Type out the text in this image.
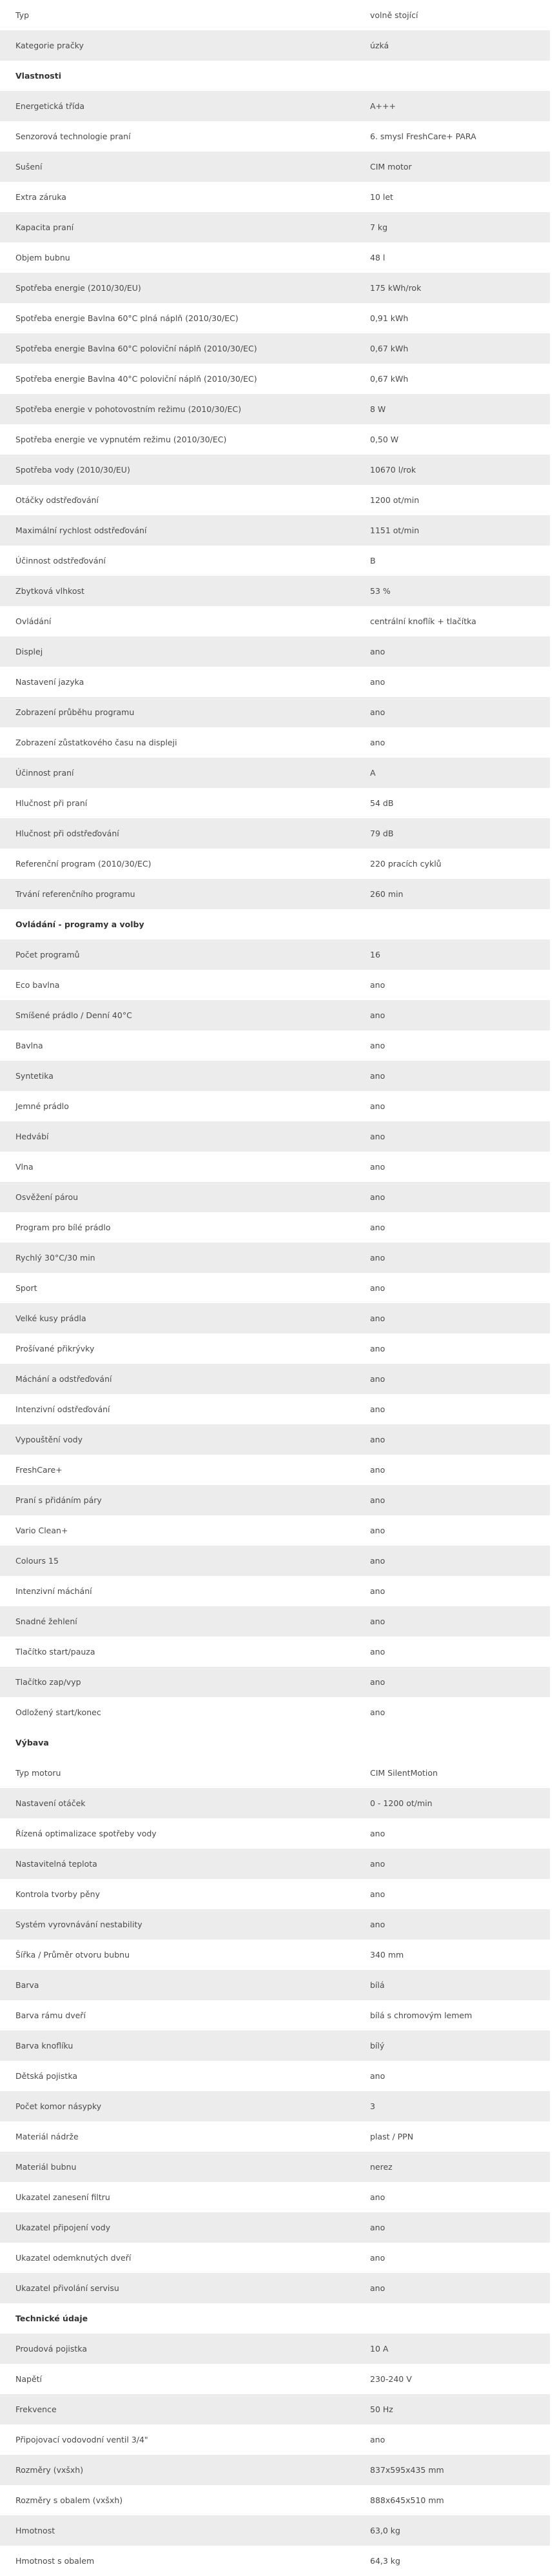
Typ	volně stojící
Kategorie pračky	úzká
Vlastnosti
Energetická třída	A+++
Senzorová technologie praní	6. smysl FreshCare+ PARA
Sušení	CIM motor
Extra záruka	10 let
Kapacita praní	7 kg
Objem bubnu	48 l
Spotřeba energie (2010/30/EU)	175 kWh/rok
Spotřeba energie Bavlna 60°C plná náplň (2010/30/EC)	0,91 kWh
Spotřeba energie Bavlna 60°C poloviční náplň (2010/30/EC)	0,67 kWh
Spotřeba energie Bavlna 40°C poloviční náplň (2010/30/EC)	0,67 kWh
Spotřeba energie v pohotovostním režimu (2010/30/EC)	8 W
Spotřeba energie ve vypnutém režimu (2010/30/EC)	0,50 W
Spotřeba vody (2010/30/EU)	10670 l/rok
Otáčky odstřeďování	1200 ot/min
Maximální rychlost odstřeďování	1151 ot/min
Účinnost odstřeďování	B
Zbytková vlhkost	53 %
Ovládání	centrální knoflík + tlačítka
Displej	ano
Nastavení jazyka	ano
Zobrazení průběhu programu	ano
Zobrazení zůstatkového času na displeji	ano
Účinnost praní	A
Hlučnost při praní	54 dB
Hlučnost při odstřeďování	79 dB
Referenční program (2010/30/EC)	220 pracích cyklů
Trvání referenčního programu	260 min
Ovládání - programy a volby
Počet programů	16
Eco bavlna	ano
Smíšené prádlo / Denní 40°C	ano
Bavlna	ano
Syntetika	ano
Jemné prádlo	ano
Hedvábí	ano
Vlna	ano
Osvěžení párou	ano
Program pro bílé prádlo	ano
Rychlý 30°C/30 min	ano
Sport	ano
Velké kusy prádla	ano
Prošívané přikrývky	ano
Máchání a odstřeďování	ano
Intenzivní odstřeďování	ano
Vypouštění vody	ano
FreshCare+	ano
Praní s přidáním páry	ano
Vario Clean+	ano
Colours 15	ano
Intenzivní máchání	ano
Snadné žehlení	ano
Tlačítko start/pauza	ano
Tlačítko zap/vyp	ano
Odložený start/konec	ano
Výbava
Typ motoru	CIM SilentMotion
Nastavení otáček	0 - 1200 ot/min
Řízená optimalizace spotřeby vody	ano
Nastavitelná teplota	ano
Kontrola tvorby pěny	ano
Systém vyrovnávání nestability	ano
Šířka / Průměr otvoru bubnu	340 mm
Barva	bílá
Barva rámu dveří	bílá s chromovým lemem
Barva knoflíku	bílý
Dětská pojistka	ano
Počet komor násypky	3
Materiál nádrže	plast / PPN
Materiál bubnu	nerez
Ukazatel zanesení filtru	ano
Ukazatel připojení vody	ano
Ukazatel odemknutých dveří	ano
Ukazatel přivolání servisu	ano
Technické údaje
Proudová pojistka	10 A
Napětí	230-240 V
Frekvence	50 Hz
Připojovací vodovodní ventil 3/4"	ano
Rozměry (vxšxh)	837x595x435 mm
Rozměry s obalem (vxšxh)	888x645x510 mm
Hmotnost	63,0 kg
Hmotnost s obalem	64,3 kg
